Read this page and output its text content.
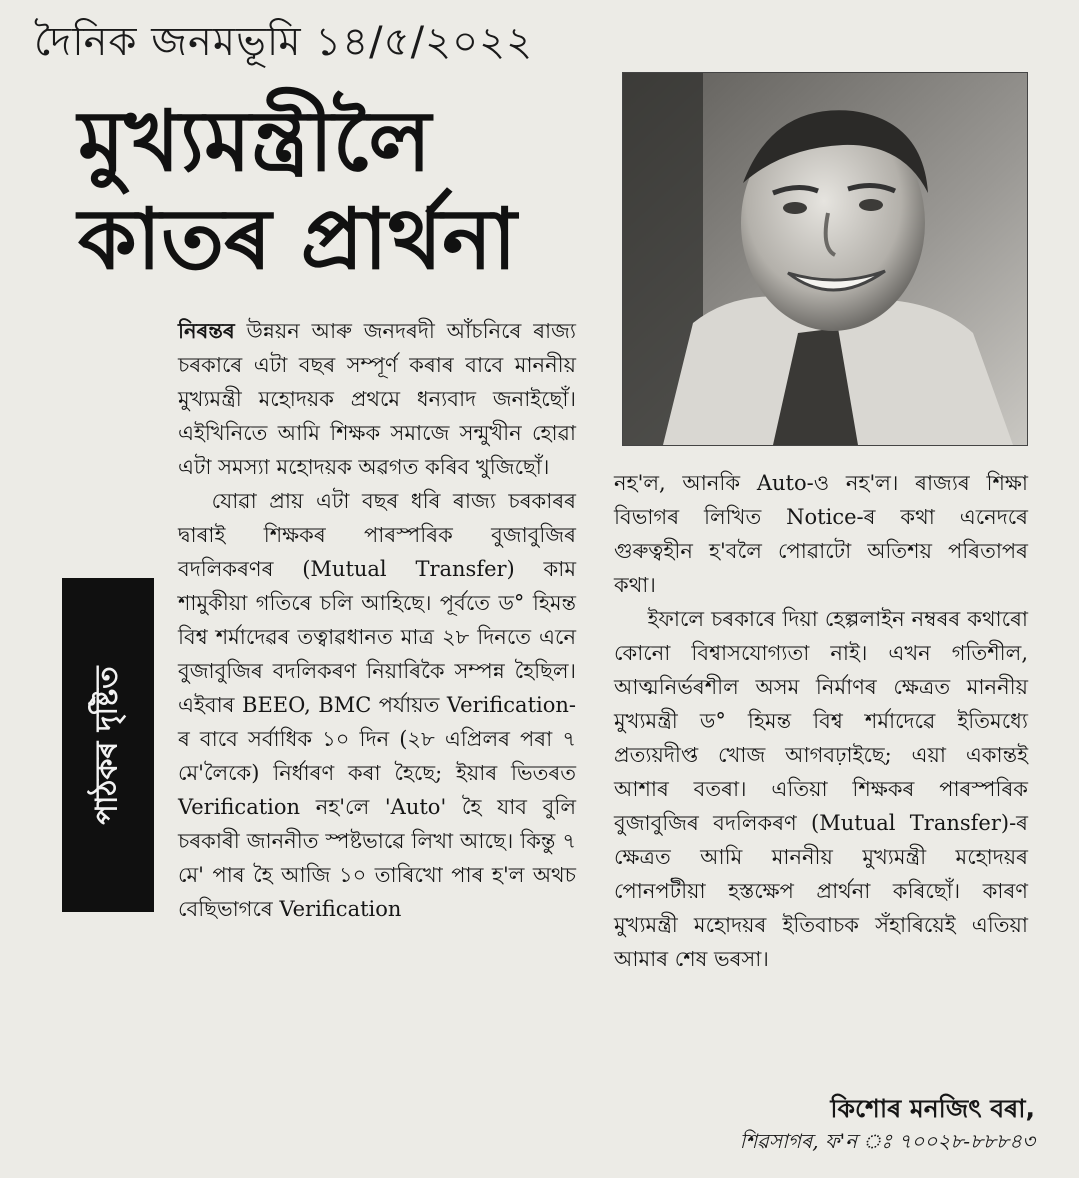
দৈনিক জনমভূমি ১৪/৫/২০২২
মুখ্যমন্ত্ৰীলৈ
কাতৰ প্ৰাৰ্থনা

নিৰন্তৰ উন্নয়ন আৰু জনদৰদী আঁচনিৰে ৰাজ্য চৰকাৰে এটা বছৰ সম্পূৰ্ণ কৰাৰ বাবে মাননীয় মুখ্যমন্ত্ৰী মহোদয়ক প্ৰথমে ধন্যবাদ জনাইছোঁ। এইখিনিতে আমি শিক্ষক সমাজে সন্মুখীন হোৱা এটা সমস্যা মহোদয়ক অৱগত কৰিব খুজিছোঁ।

যোৱা প্ৰায় এটা বছৰ ধৰি ৰাজ্য চৰকাৰৰ দ্বাৰাই শিক্ষকৰ পাৰস্পৰিক বুজাবুজিৰ বদলিকৰণৰ (Mutual Transfer) কাম শামুকীয়া গতিৰে চলি আহিছে। পূৰ্বতে ড° হিমন্ত বিশ্ব শৰ্মাদেৱৰ তত্বাৱধানত মাত্ৰ ২৮ দিনতে এনে বুজাবুজিৰ বদলিকৰণ নিয়াৰিকৈ সম্পন্ন হৈছিল। এইবাৰ BEEO, BMC পৰ্যায়ত Verification-ৰ বাবে সৰ্বাধিক ১০ দিন (২৮ এপ্ৰিলৰ পৰা ৭ মে'লৈকে) নিৰ্ধাৰণ কৰা হৈছে; ইয়াৰ ভিতৰত Verification নহ'লে 'Auto' হৈ যাব বুলি চৰকাৰী জাননীত স্পষ্টভাৱে লিখা আছে। কিন্তু ৭ মে' পাৰ হৈ আজি ১০ তাৰিখো পাৰ হ'ল অথচ বেছিভাগৰে Verification

পাঠকৰ দৃষ্টিত

নহ'ল, আনকি Auto-ও নহ'ল। ৰাজ্যৰ শিক্ষা বিভাগৰ লিখিত Notice-ৰ কথা এনেদৰে গুৰুত্বহীন হ'বলৈ পোৱাটো অতিশয় পৰিতাপৰ কথা।

ইফালে চৰকাৰে দিয়া হেল্পলাইন নম্বৰৰ কথাৰো কোনো বিশ্বাসযোগ্যতা নাই। এখন গতিশীল, আত্মনিৰ্ভৰশীল অসম নিৰ্মাণৰ ক্ষেত্ৰত মাননীয় মুখ্যমন্ত্ৰী ড° হিমন্ত বিশ্ব শৰ্মাদেৱে ইতিমধ্যে প্ৰত্যয়দীপ্ত খোজ আগবঢ়াইছে; এয়া একান্তই আশাৰ বতৰা। এতিয়া শিক্ষকৰ পাৰস্পৰিক বুজাবুজিৰ বদলিকৰণ (Mutual Transfer)-ৰ ক্ষেত্ৰত আমি মাননীয় মুখ্যমন্ত্ৰী মহোদয়ৰ পোনপটীয়া হস্তক্ষেপ প্ৰাৰ্থনা কৰিছোঁ। কাৰণ মুখ্যমন্ত্ৰী মহোদয়ৰ ইতিবাচক সঁহাৰিয়েই এতিয়া আমাৰ শেষ ভৰসা।

কিশোৰ মনজিৎ বৰা,
শিৱসাগৰ, ফ'ন ঃ ৭০০২৮-৮৮৮৪৩
